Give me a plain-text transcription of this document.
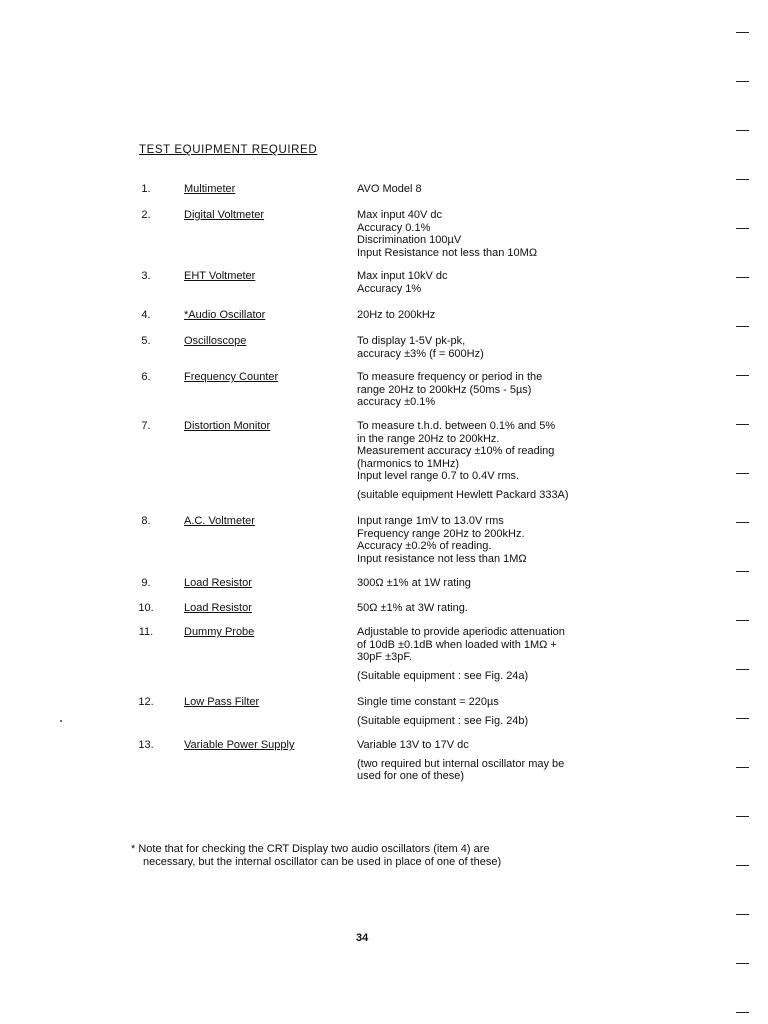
TEST EQUIPMENT REQUIRED
1.	Multimeter	AVO Model 8
2.	Digital Voltmeter	Max input 40V dc
Accuracy 0.1%
Discrimination 100µV
Input Resistance not less than 10MΩ
3.	EHT Voltmeter	Max input 10kV dc
Accuracy 1%
4.	*Audio Oscillator	20Hz to 200kHz
5.	Oscilloscope	To display 1-5V pk-pk,
accuracy ±3% (f = 600Hz)
6.	Frequency Counter	To measure frequency or period in the
range 20Hz to 200kHz (50ms - 5µs)
accuracy ±0.1%
7.	Distortion Monitor	To measure t.h.d. between 0.1% and 5%
in the range 20Hz to 200kHz.
Measurement accuracy ±10% of reading
(harmonics to 1MHz)
Input level range 0.7 to 0.4V rms.
(suitable equipment Hewlett Packard 333A)
8.	A.C. Voltmeter	Input range 1mV to 13.0V rms
Frequency range 20Hz to 200kHz.
Accuracy ±0.2% of reading.
Input resistance not less than 1MΩ
9.	Load Resistor	300Ω ±1% at 1W rating
10.	Load Resistor	50Ω ±1% at 3W rating.
11.	Dummy Probe	Adjustable to provide aperiodic attenuation
of 10dB ±0.1dB when loaded with 1MΩ +
30pF ±3pF.
(Suitable equipment : see Fig. 24a)
12.	Low Pass Filter	Single time constant = 220µs
(Suitable equipment : see Fig. 24b)
13.	Variable Power Supply	Variable 13V to 17V dc
(two required but internal oscillator may be
used for one of these)
* Note that for checking the CRT Display two audio oscillators (item 4) are
necessary, but the internal oscillator can be used in place of one of these)
34
